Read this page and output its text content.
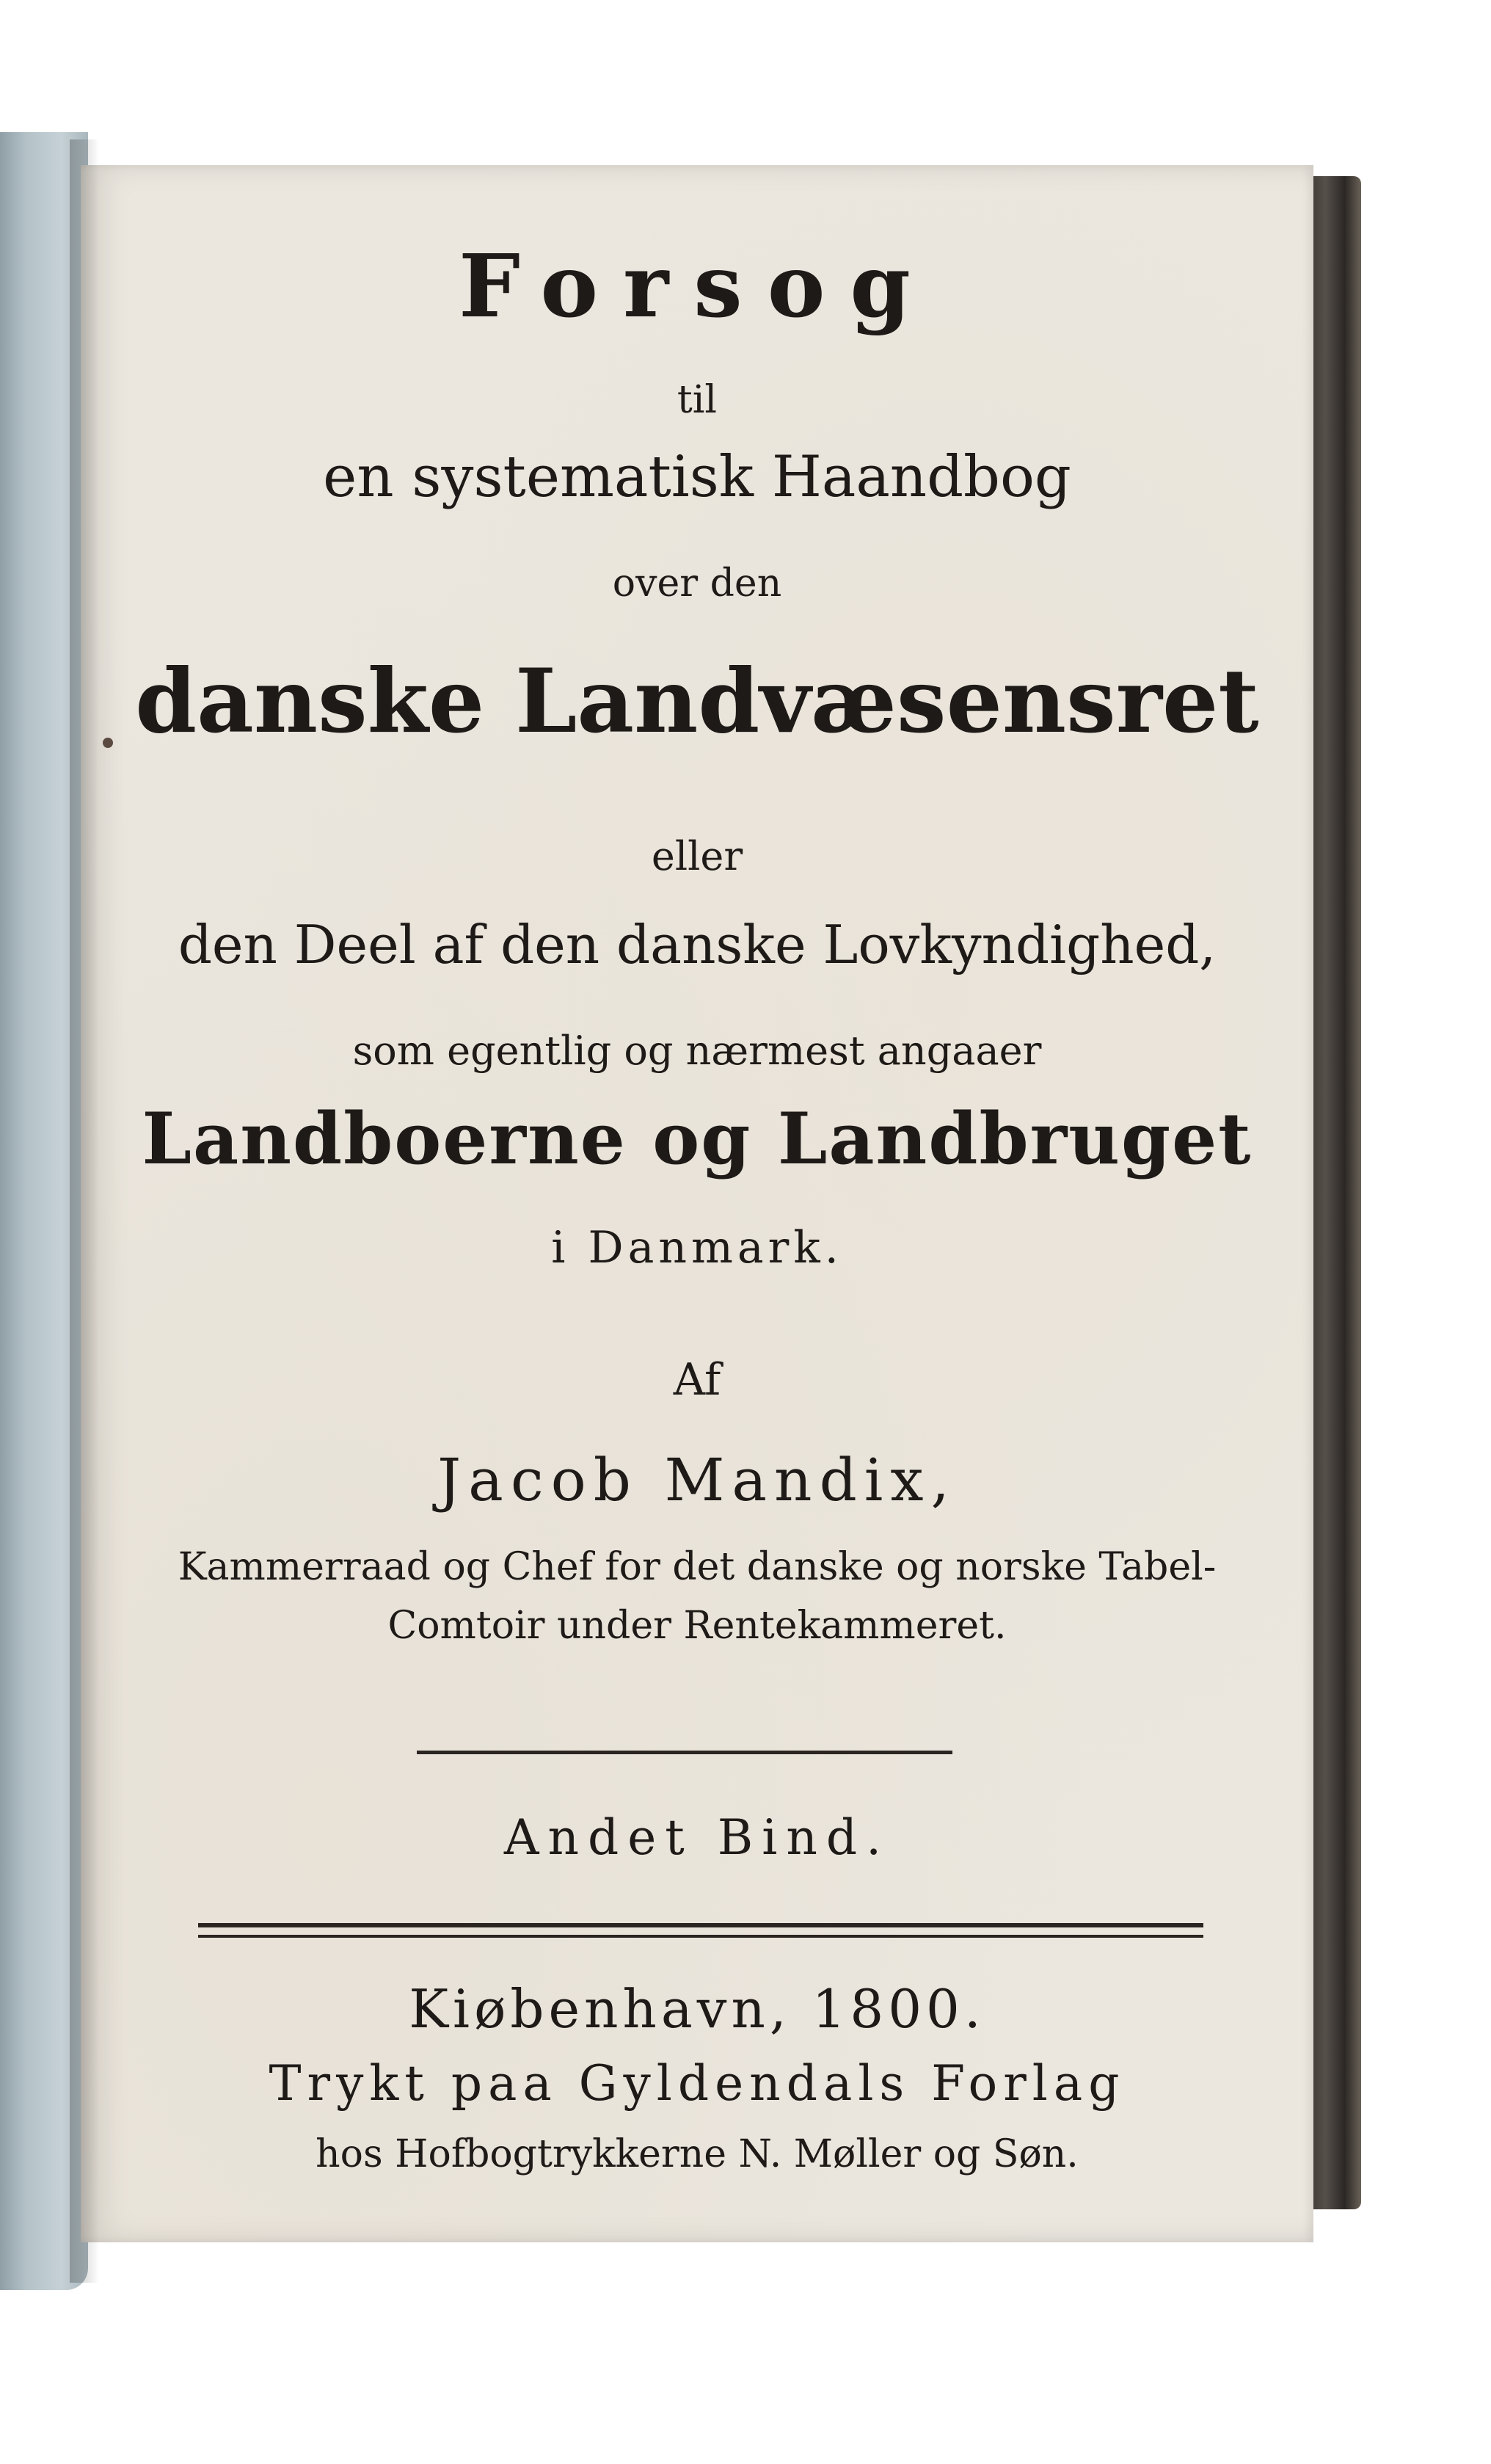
Forsog
til
en systematisk Haandbog
over den
danske Landvæsensret
eller
den Deel af den danske Lovkyndighed,
som egentlig og nærmest angaaer
Landboerne og Landbruget
i Danmark.
Af
Jacob Mandix,
Kammerraad og Chef for det danske og norske Tabel-
Comtoir under Rentekammeret.
Andet Bind.
Kiøbenhavn, 1800.
Trykt paa Gyldendals Forlag
hos Hofbogtrykkerne N. Møller og Søn.
